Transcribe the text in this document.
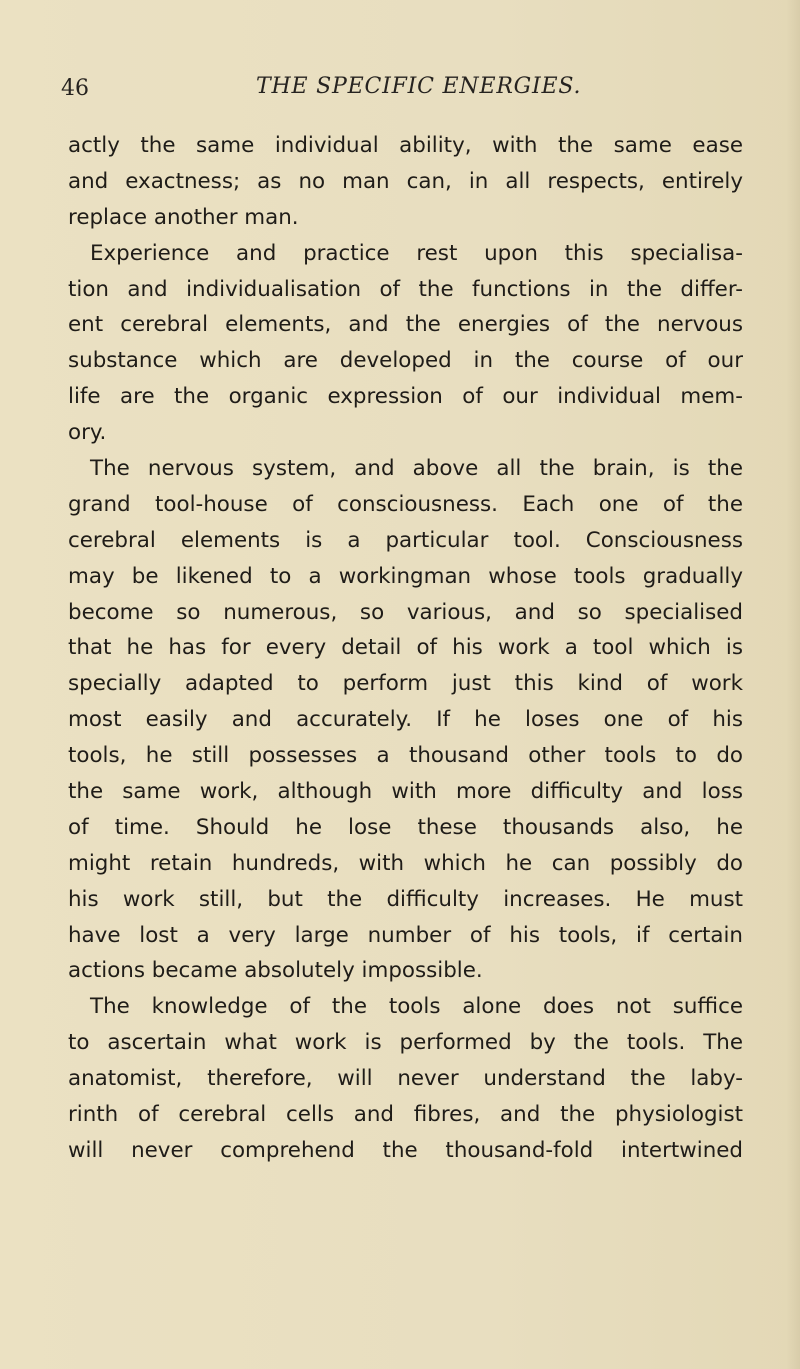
46	THE SPECIFIC ENERGIES.
actly the same individual ability, with the same ease
and exactness; as no man can, in all respects, entirely
replace another man.
Experience and practice rest upon this specialisa-
tion and individualisation of the functions in the differ-
ent cerebral elements, and the energies of the nervous
substance which are developed in the course of our
life are the organic expression of our individual mem-
ory.
The nervous system, and above all the brain, is the
grand tool-house of consciousness. Each one of the
cerebral elements is a particular tool. Consciousness
may be likened to a workingman whose tools gradually
become so numerous, so various, and so specialised
that he has for every detail of his work a tool which is
specially adapted to perform just this kind of work
most easily and accurately. If he loses one of his
tools, he still possesses a thousand other tools to do
the same work, although with more difficulty and loss
of time. Should he lose these thousands also, he
might retain hundreds, with which he can possibly do
his work still, but the difficulty increases. He must
have lost a very large number of his tools, if certain
actions became absolutely impossible.
The knowledge of the tools alone does not suffice
to ascertain what work is performed by the tools. The
anatomist, therefore, will never understand the laby-
rinth of cerebral cells and fibres, and the physiologist
will never comprehend the thousand-fold intertwined
